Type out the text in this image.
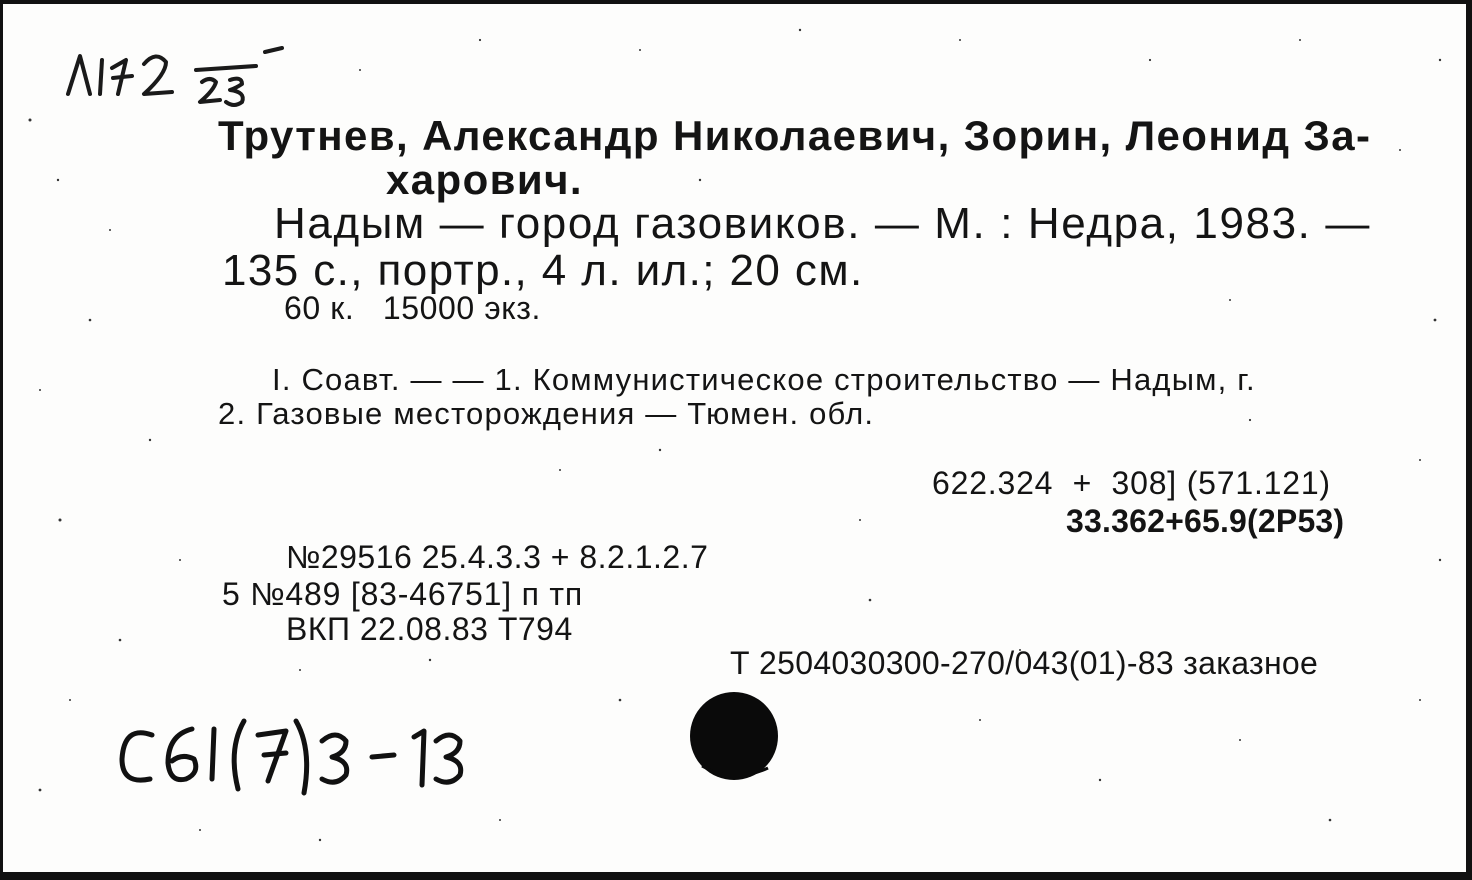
Трутнев, Александр Николаевич, Зорин, Леонид За-
харович.
Надым — город газовиков. — М. : Недра, 1983. —
135 с., портр., 4 л. ил.; 20 см.
60 к.   15000 экз.
I. Соавт. — — 1. Коммунистическое строительство — Надым, г.
2. Газовые месторождения — Тюмен. обл.
622.324  +  308] (571.121)
33.362+65.9(2Р53)
№29516 25.4.3.3 + 8.2.1.2.7
5 №489 [83-46751] п тп
ВКП 22.08.83 Т794
Т 2504030300-270/043(01)-83 заказное
